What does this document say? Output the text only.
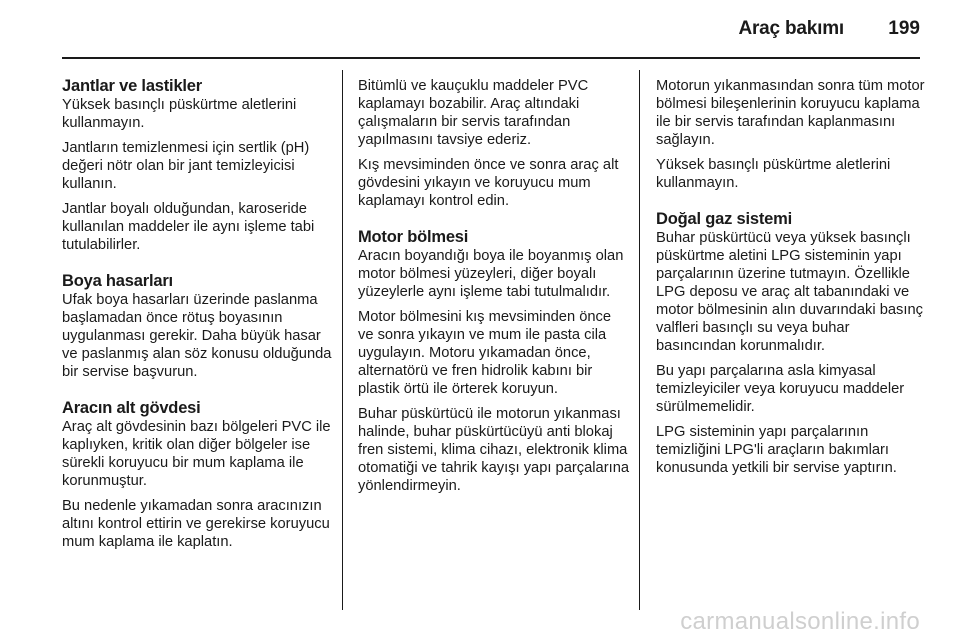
Araç bakımı 199
Jantlar ve lastikler

Yüksek basınçlı püskürtme aletlerini kullanmayın.

Jantların temizlenmesi için sertlik (pH) değeri nötr olan bir jant temizleyicisi kullanın.

Jantlar boyalı olduğundan, karoseride kullanılan maddeler ile aynı işleme tabi tutulabilirler.

Boya hasarları

Ufak boya hasarları üzerinde paslanma başlamadan önce rötuş boyasının uygulanması gerekir. Daha büyük hasar ve paslanmış alan söz konusu olduğunda bir servise başvurun.

Aracın alt gövdesi

Araç alt gövdesinin bazı bölgeleri PVC ile kaplıyken, kritik olan diğer bölgeler ise sürekli koruyucu bir mum kaplama ile korunmuştur.

Bu nedenle yıkamadan sonra aracınızın altını kontrol ettirin ve gerekirse koruyucu mum kaplama ile kaplatın.

Bitümlü ve kauçuklu maddeler PVC kaplamayı bozabilir. Araç altındaki çalışmaların bir servis tarafından yapılmasını tavsiye ederiz.

Kış mevsiminden önce ve sonra araç alt gövdesini yıkayın ve koruyucu mum kaplamayı kontrol edin.

Motor bölmesi

Aracın boyandığı boya ile boyanmış olan motor bölmesi yüzeyleri, diğer boyalı yüzeylerle aynı işleme tabi tutulmalıdır.

Motor bölmesini kış mevsiminden önce ve sonra yıkayın ve mum ile pasta cila uygulayın. Motoru yıkamadan önce, alternatörü ve fren hidrolik kabını bir plastik örtü ile örterek koruyun.

Buhar püskürtücü ile motorun yıkanması halinde, buhar püskürtücüyü anti blokaj fren sistemi, klima cihazı, elektronik klima otomatiği ve tahrik kayışı yapı parçalarına yönlendirmeyin.

Motorun yıkanmasından sonra tüm motor bölmesi bileşenlerinin koruyucu kaplama ile bir servis tarafından kaplanmasını sağlayın.

Yüksek basınçlı püskürtme aletlerini kullanmayın.

Doğal gaz sistemi

Buhar püskürtücü veya yüksek basınçlı püskürtme aletini LPG sisteminin yapı parçalarının üzerine tutmayın. Özellikle LPG deposu ve araç alt tabanındaki ve motor bölmesinin alın duvarındaki basınç valfleri basınçlı su veya buhar basıncından korunmalıdır.

Bu yapı parçalarına asla kimyasal temizleyiciler veya koruyucu maddeler sürülmemelidir.

LPG sisteminin yapı parçalarının temizliğini LPG'li araçların bakımları konusunda yetkili bir servise yaptırın.

carmanualsonline.info
